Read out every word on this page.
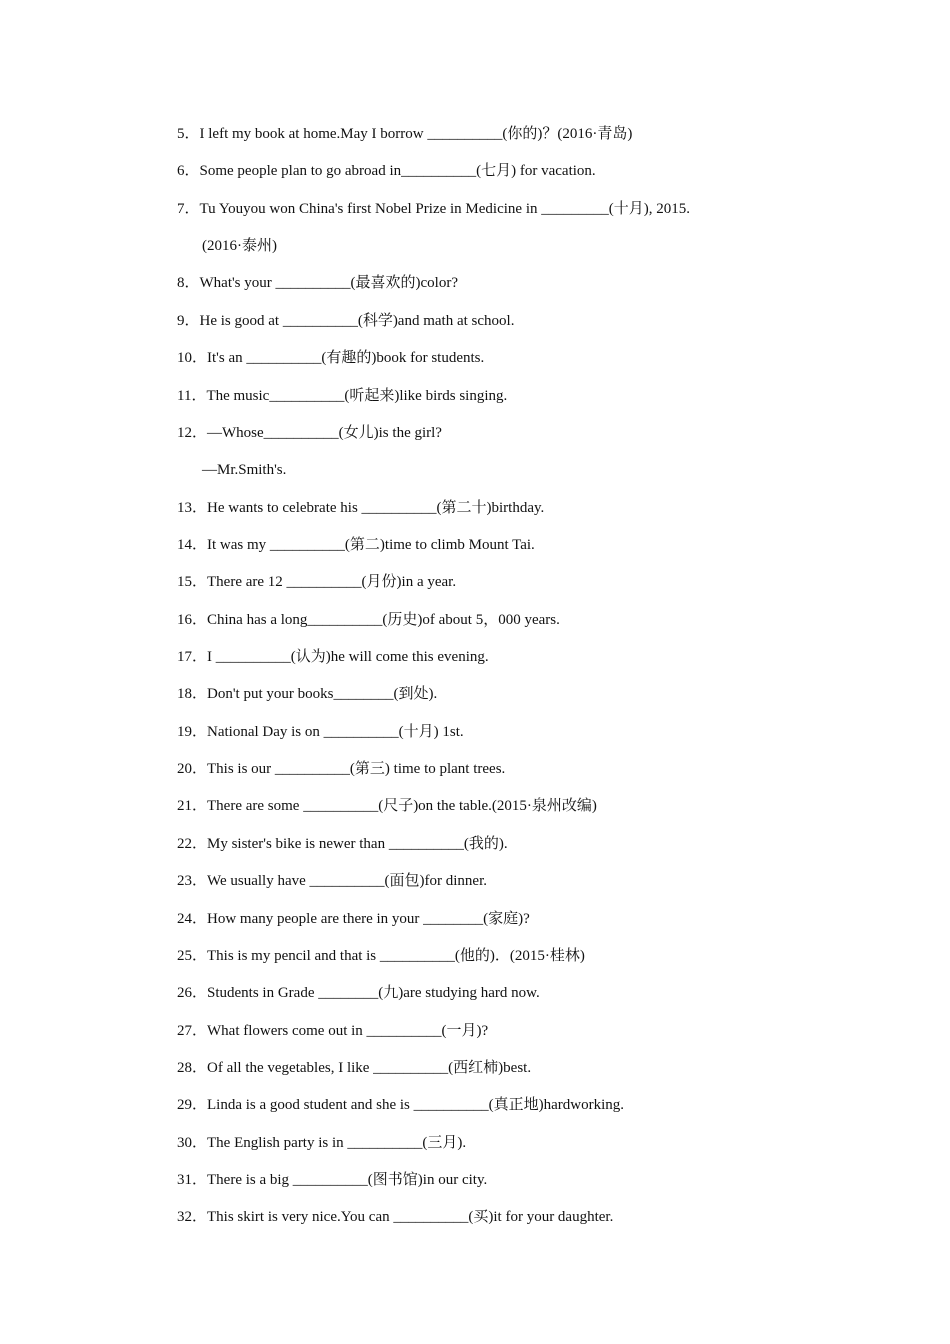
5．I left my book at home.May I borrow __________(你的)？(2016·青岛)
6．Some people plan to go abroad in__________(七月) for vacation.
7．Tu Youyou won China's first Nobel Prize in Medicine in _________(十月), 2015.
(2016·泰州)
8．What's your __________(最喜欢的)color?
9．He is good at __________(科学)and math at school.
10．It's an __________(有趣的)book for students.
11．The music__________(听起来)like birds singing.
12．—Whose__________(女儿)is the girl?
—Mr.Smith's.
13．He wants to celebrate his __________(第二十)birthday.
14．It was my __________(第二)time to climb Mount Tai.
15．There are 12 __________(月份)in a year.
16．China has a long__________(历史)of about 5，000 years.
17．I __________(认为)he will come this evening.
18．Don't put your books________(到处).
19．National Day is on __________(十月) 1st.
20．This is our __________(第三) time to plant trees.
21．There are some __________(尺子)on the table.(2015·泉州改编)
22．My sister's bike is newer than __________(我的).
23．We usually have __________(面包)for dinner.
24．How many people are there in your ________(家庭)?
25．This is my pencil and that is __________(他的)．(2015·桂林)
26．Students in Grade ________(九)are studying hard now.
27．What flowers come out in __________(一月)?
28．Of all the vegetables, I like __________(西红柿)best.
29．Linda is a good student and she is __________(真正地)hardworking.
30．The English party is in __________(三月).
31．There is a big __________(图书馆)in our city.
32．This skirt is very nice.You can __________(买)it for your daughter.
